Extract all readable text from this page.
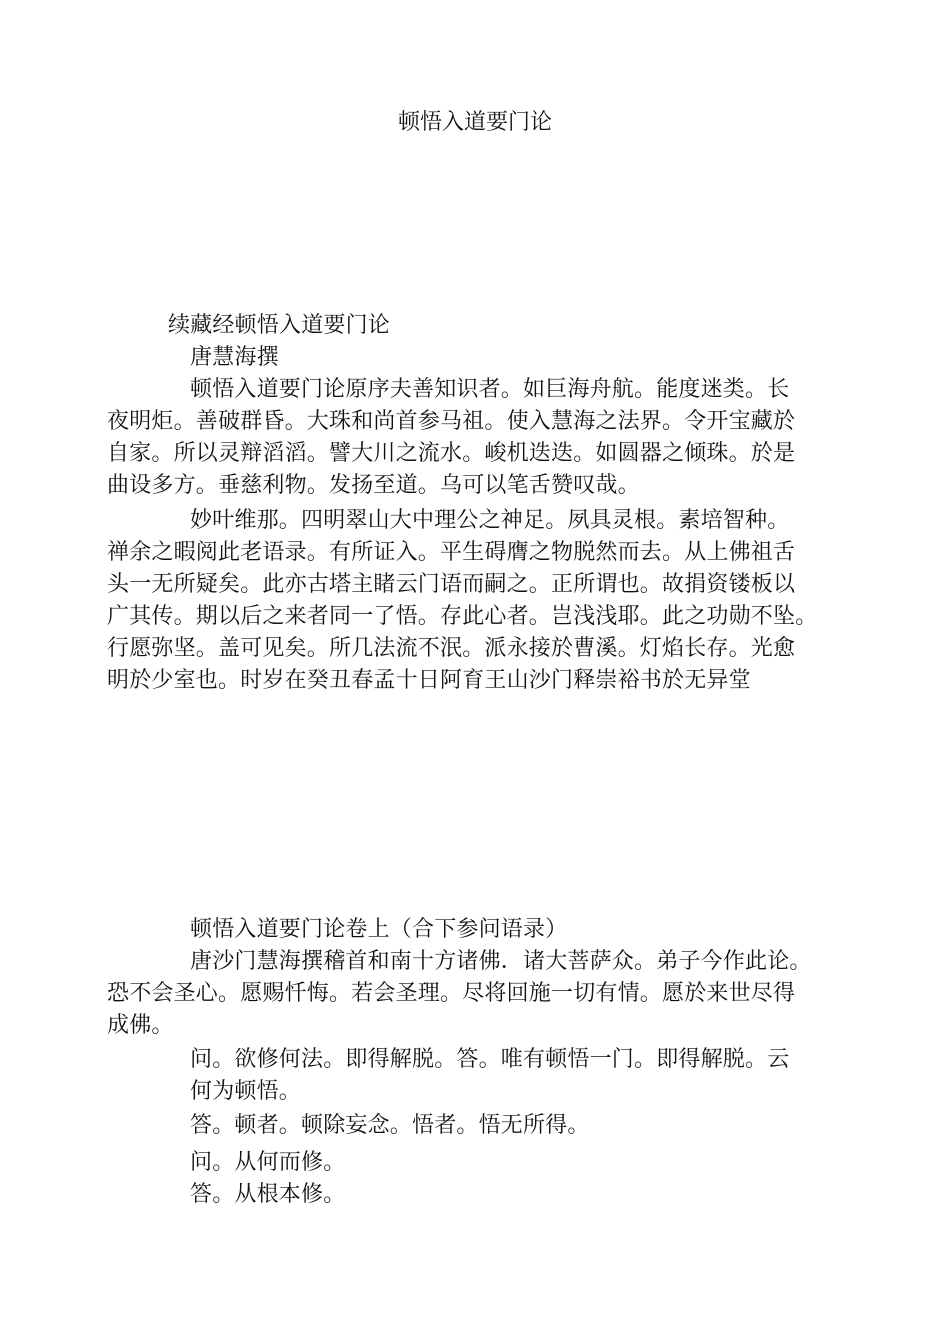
顿悟入道要门论
续藏经顿悟入道要门论
唐慧海撰
顿悟入道要门论原序夫善知识者。如巨海舟航。能度迷类。长
夜明炬。善破群昏。大珠和尚首参马祖。使入慧海之法界。令开宝藏於
自家。所以灵辩滔滔。譬大川之流水。峻机迭迭。如圆器之倾珠。於是
曲设多方。垂慈利物。发扬至道。乌可以笔舌赞叹哉。
妙叶维那。四明翠山大中理公之神足。夙具灵根。素培智种。
禅余之暇阅此老语录。有所证入。平生碍膺之物脱然而去。从上佛祖舌
头一无所疑矣。此亦古塔主睹云门语而嗣之。正所谓也。故捐资镂板以
广其传。期以后之来者同一了悟。存此心者。岂浅浅耶。此之功勋不坠。
行愿弥坚。盖可见矣。所几法流不泯。派永接於曹溪。灯焰长存。光愈
明於少室也。时岁在癸丑春孟十日阿育王山沙门释崇裕书於无异堂
顿悟入道要门论卷上（合下参问语录）
唐沙门慧海撰稽首和南十方诸佛．诸大菩萨众。弟子今作此论。
恐不会圣心。愿赐忏悔。若会圣理。尽将回施一切有情。愿於来世尽得
成佛。
问。欲修何法。即得解脱。答。唯有顿悟一门。即得解脱。云
何为顿悟。
答。顿者。顿除妄念。悟者。悟无所得。
问。从何而修。
答。从根本修。
